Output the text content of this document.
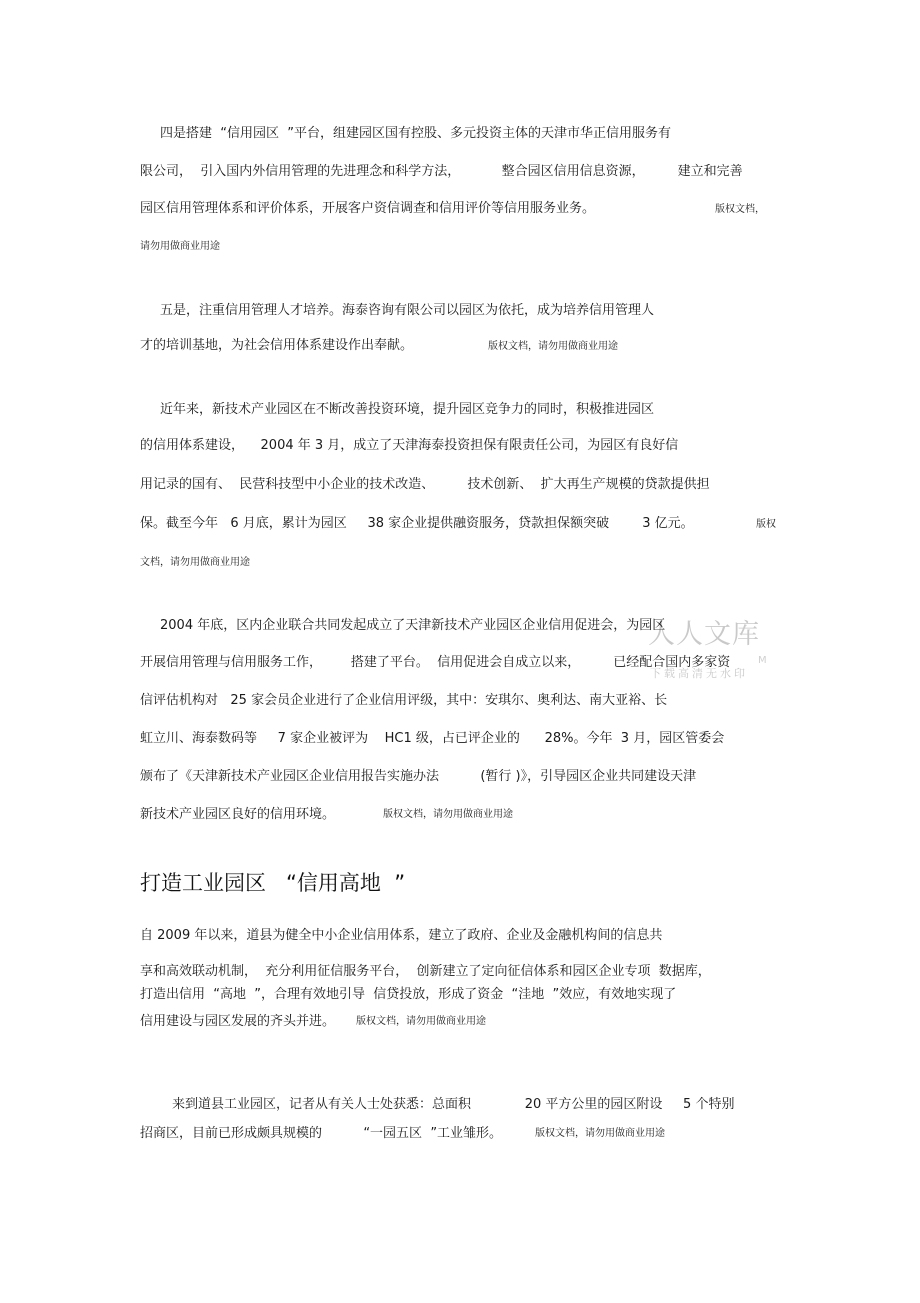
四是搭建  “信用园区  ”平台，组建园区国有控股、多元投资主体的天津市华正信用服务有
限公司，  引入国内外信用管理的先进理念和科学方法，          整合园区信用信息资源，        建立和完善
园区信用管理体系和评价体系，开展客户资信调查和信用评价等信用服务业务。	版权文档，
请勿用做商业用途
五是，注重信用管理人才培养。海泰咨询有限公司以园区为依托，成为培养信用管理人
才的培训基地，为社会信用体系建设作出奉献。	版权文档，请勿用做商业用途
近年来，新技术产业园区在不断改善投资环境，提升园区竞争力的同时，积极推进园区
的信用体系建设，    2004 年 3 月，成立了天津海泰投资担保有限责任公司，为园区有良好信
用记录的国有、  民营科技型中小企业的技术改造、        技术创新、  扩大再生产规模的贷款提供担
保。截至今年   6 月底，累计为园区     38 家企业提供融资服务，贷款担保额突破        3 亿元。	版权
文档，请勿用做商业用途
人人文库
M
下载高清无水印
2004 年底，区内企业联合共同发起成立了天津新技术产业园区企业信用促进会，为园区
开展信用管理与信用服务工作，       搭建了平台。  信用促进会自成立以来，        已经配合国内多家资
信评估机构对   25 家会员企业进行了企业信用评级，其中：安琪尔、奥利达、南大亚裕、长
虹立川、海泰数码等     7 家企业被评为    HC1 级，占已评企业的      28%。今年  3 月，园区管委会
颁布了《天津新技术产业园区企业信用报告实施办法          (暂行 )》，引导园区企业共同建设天津
新技术产业园区良好的信用环境。	版权文档，请勿用做商业用途
打造工业园区   “信用高地  ”
自 2009 年以来，道县为健全中小企业信用体系，建立了政府、企业及金融机构间的信息共
享和高效联动机制，  充分利用征信服务平台，  创新建立了定向征信体系和园区企业专项  数据库，
打造出信用  “高地  ”，合理有效地引导  信贷投放，形成了资金  “洼地  ”效应，有效地实现了
信用建设与园区发展的齐头并进。 版权文档，请勿用做商业用途
来到道县工业园区，记者从有关人士处获悉：总面积             20 平方公里的园区附设     5 个特别
招商区，目前已形成颇具规模的          “一园五区  ”工业雏形。	版权文档，请勿用做商业用途
